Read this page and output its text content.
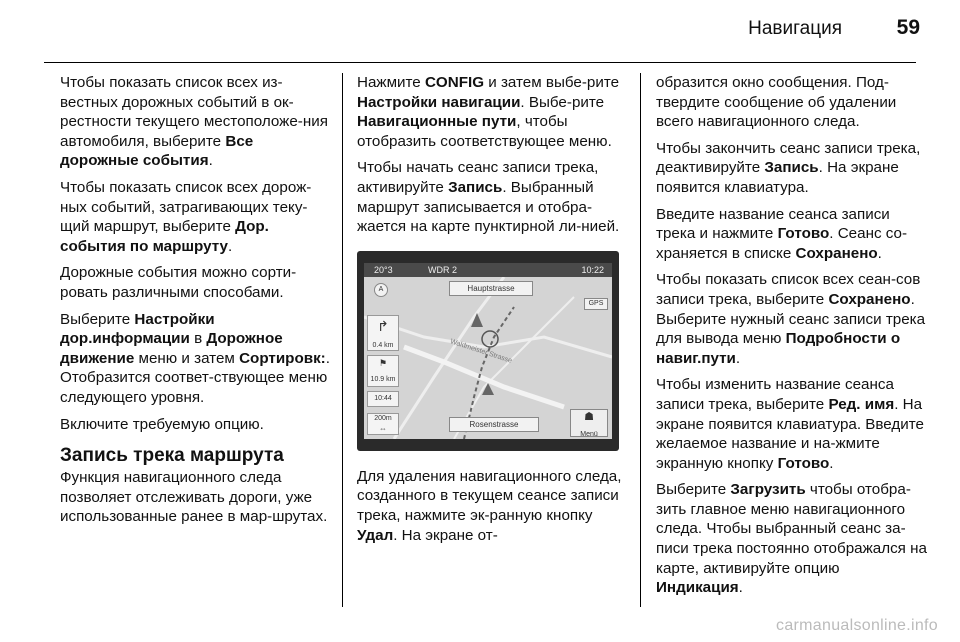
Навигация	59

Чтобы показать список всех из-вестных дорожных событий в ок-рестности текущего местоположе-ния автомобиля, выберите Все дорожные события.

Чтобы показать список всех дорож-ных событий, затрагивающих теку-щий маршрут, выберите Дор. события по маршруту.

Дорожные события можно сорти-ровать различными способами.

Выберите Настройки дор.информации в Дорожное движение меню и затем Сортировк:. Отобразится соответ-ствующее меню следующего уровня.

Включите требуемую опцию.

Запись трека маршрута

Функция навигационного следа позволяет отслеживать дороги, уже использованные ранее в мар-шрутах.

Нажмите CONFIG и затем выбе-рите Настройки навигации. Выбе-рите Навигационные пути, чтобы отобразить соответствующее меню.

Чтобы начать сеанс записи трека, активируйте Запись. Выбранный маршрут записывается и отобра-жается на карте пунктирной ли-нией.

Waldmeister Strasse
20°3	WDR 2	10:22
A	Hauptstrasse
GPS
↱
0.4 km
⚑
10.9 km
10:44
200m
⇔	Rosenstrasse
☗
Menü

Для удаления навигационного следа, созданного в текущем сеансе записи трека, нажмите эк-ранную кнопку Удал. На экране от-

образится окно сообщения. Под-твердите сообщение об удалении всего навигационного следа.

Чтобы закончить сеанс записи трека, деактивируйте Запись. На экране появится клавиатура.

Введите название сеанса записи трека и нажмите Готово. Сеанс со-храняется в списке Сохранено.

Чтобы показать список всех сеан-сов записи трека, выберите Сохранено. Выберите нужный сеанс записи трека для вывода меню Подробности о навиг.пути.

Чтобы изменить название сеанса записи трека, выберите Ред. имя. На экране появится клавиатура. Введите желаемое название и на-жмите экранную кнопку Готово.

Выберите Загрузить чтобы отобра-зить главное меню навигационного следа. Чтобы выбранный сеанс за-писи трека постоянно отображался на карте, активируйте опцию Индикация.

carmanualsonline.info
